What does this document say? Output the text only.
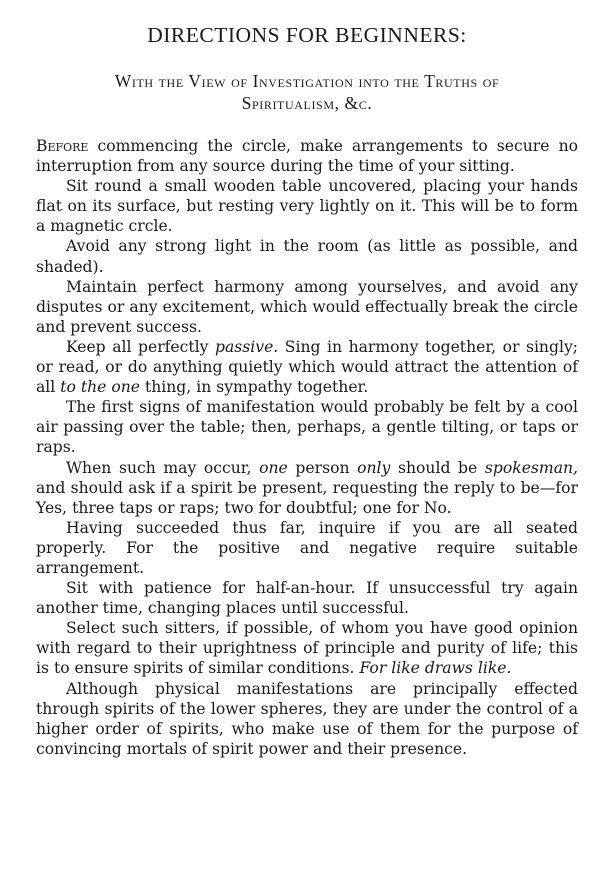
DIRECTIONS FOR BEGINNERS:
With the View of Investigation into the Truths of
Spiritualism, &c.

Before commencing the circle, make arrangements to secure no interruption from any source during the time of your sitting.

Sit round a small wooden table uncovered, placing your hands flat on its surface, but resting very lightly on it. This will be to form a magnetic crcle.

Avoid any strong light in the room (as little as possible, and shaded).

Maintain perfect harmony among yourselves, and avoid any disputes or any excitement, which would effectually break the circle and prevent success.

Keep all perfectly passive. Sing in harmony together, or singly; or read, or do anything quietly which would attract the attention of all to the one thing, in sympathy together.

The first signs of manifestation would probably be felt by a cool air passing over the table; then, perhaps, a gentle tilting, or taps or raps.

When such may occur, one person only should be spokesman, and should ask if a spirit be present, requesting the reply to be—for Yes, three taps or raps; two for doubtful; one for No.

Having succeeded thus far, inquire if you are all seated properly. For the positive and negative require suitable arrangement.

Sit with patience for half-an-hour. If unsuccessful try again another time, changing places until successful.

Select such sitters, if possible, of whom you have good opinion with regard to their uprightness of principle and purity of life; this is to ensure spirits of similar conditions. For like draws like.

Although physical manifestations are principally effected through spirits of the lower spheres, they are under the control of a higher order of spirits, who make use of them for the purpose of convincing mortals of spirit power and their presence.
